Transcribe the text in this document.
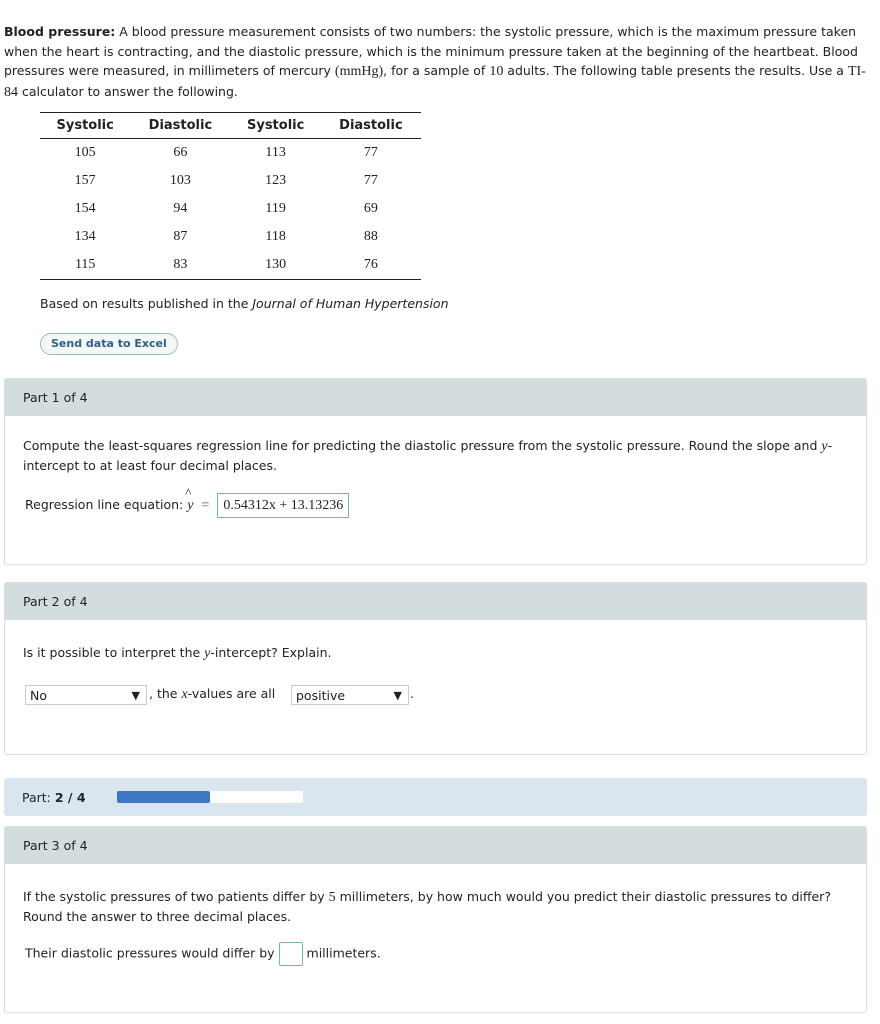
Blood pressure: A blood pressure measurement consists of two numbers: the systolic pressure, which is the maximum pressure taken when the heart is contracting, and the diastolic pressure, which is the minimum pressure taken at the beginning of the heartbeat. Blood pressures were measured, in millimeters of mercury (mmHg), for a sample of 10 adults. The following table presents the results. Use a TI-84 calculator to answer the following.
Systolic	Diastolic	Systolic	Diastolic
105	66	113	77
157	103	123	77
154	94	119	69
134	87	118	88
115	83	130	76
Based on results published in the Journal of Human Hypertension
Send data to Excel
Part 1 of 4
Compute the least-squares regression line for predicting the diastolic pressure from the systolic pressure. Round the slope and y-intercept to at least four decimal places.
Regression line equation:
^
y = 0.54312x + 13.13236
Part 2 of 4
Is it possible to interpret the y-intercept? Explain.
No	▼ , the x-values are all	positive	▼ .
Part: 2 / 4
Part 3 of 4
If the systolic pressures of two patients differ by 5 millimeters, by how much would you predict their diastolic pressures to differ? Round the answer to three decimal places.
Their diastolic pressures would differ by	millimeters.
